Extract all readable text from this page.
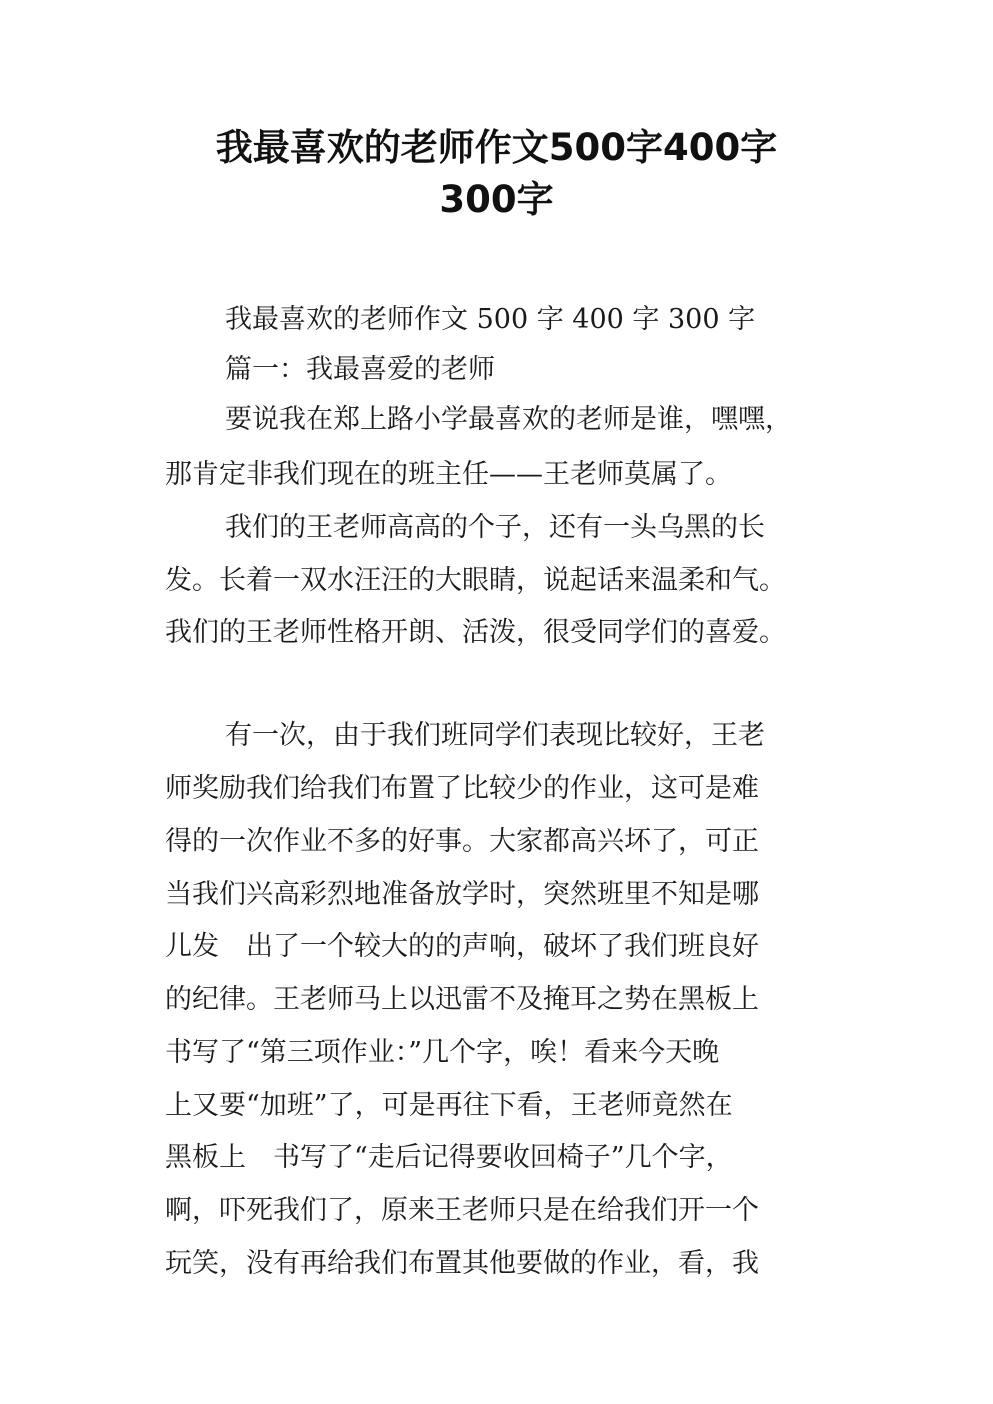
我最喜欢的老师作文500字400字
300字
我最喜欢的老师作文 500 字 400 字 300 字
篇一：我最喜爱的老师
要说我在郑上路小学最喜欢的老师是谁，嘿嘿，
那肯定非我们现在的班主任——王老师莫属了。
我们的王老师高高的个子，还有一头乌黑的长
发。长着一双水汪汪的大眼睛，说起话来温柔和气。
我们的王老师性格开朗、活泼，很受同学们的喜爱。
有一次，由于我们班同学们表现比较好，王老
师奖励我们给我们布置了比较少的作业，这可是难
得的一次作业不多的好事。大家都高兴坏了，可正
当我们兴高彩烈地准备放学时，突然班里不知是哪
儿发　出了一个较大的的声响，破坏了我们班良好
的纪律。王老师马上以迅雷不及掩耳之势在黑板上
书写了“第三项作业：”几个字，唉！看来今天晚
上又要“加班”了，可是再往下看，王老师竟然在
黑板上　书写了“走后记得要收回椅子”几个字，
啊，吓死我们了，原来王老师只是在给我们开一个
玩笑，没有再给我们布置其他要做的作业，看，我
